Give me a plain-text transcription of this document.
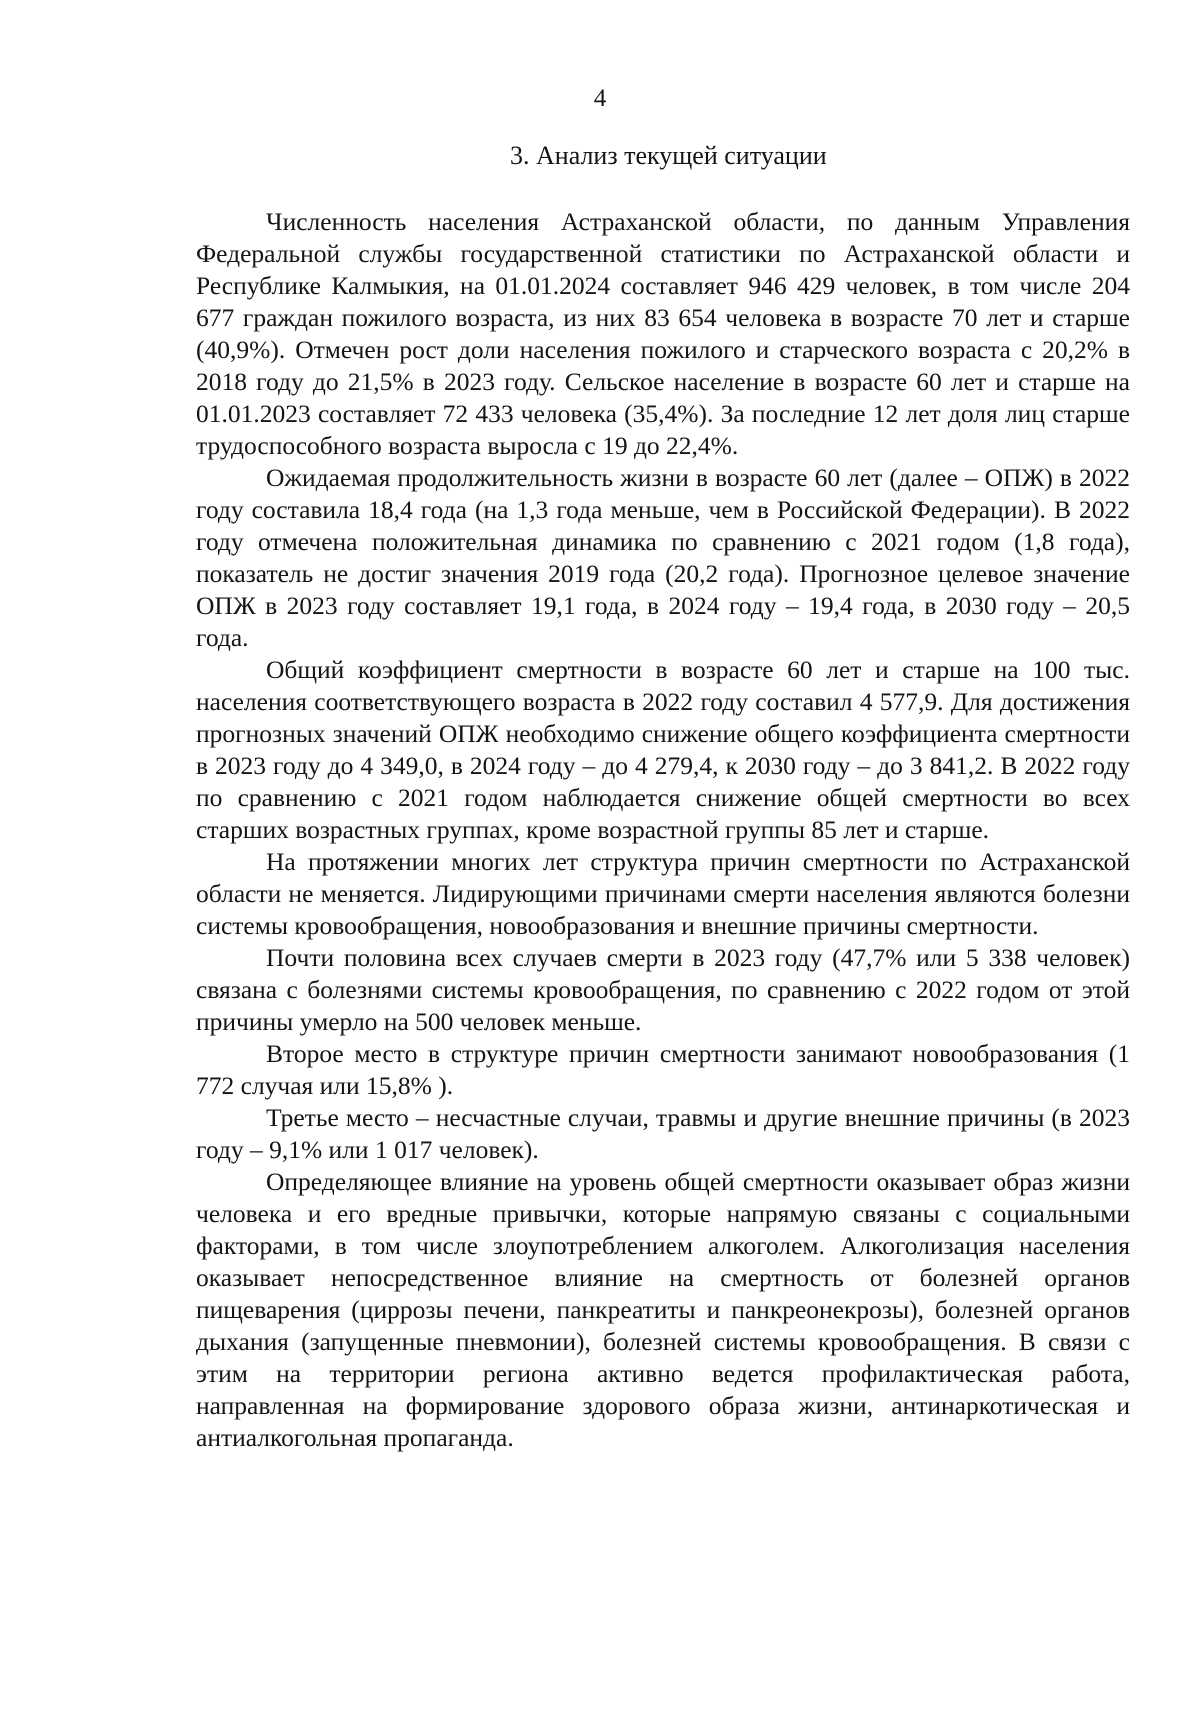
4
3. Анализ текущей ситуации

Численность населения Астраханской области, по данным Управления Федеральной службы государственной статистики по Астраханской области и Республике Калмыкия, на 01.01.2024 составляет 946 429 человек, в том числе 204 677 граждан пожилого возраста, из них 83 654 человека в возрасте 70 лет и старше (40,9%). Отмечен рост доли населения пожилого и старческого возраста с 20,2% в 2018 году до 21,5% в 2023 году. Сельское население в возрасте 60 лет и старше на 01.01.2023 составляет 72 433 человека (35,4%). За последние 12 лет доля лиц старше трудоспособного возраста выросла с 19 до 22,4%.

Ожидаемая продолжительность жизни в возрасте 60 лет (далее – ОПЖ) в 2022 году составила 18,4 года (на 1,3 года меньше, чем в Российской Федерации). В 2022 году отмечена положительная динамика по сравнению с 2021 годом (1,8 года), показатель не достиг значения 2019 года (20,2 года). Прогнозное целевое значение ОПЖ в 2023 году составляет 19,1 года, в 2024 году – 19,4 года, в 2030 году – 20,5 года.

Общий коэффициент смертности в возрасте 60 лет и старше на 100 тыс. населения соответствующего возраста в 2022 году составил 4 577,9. Для достижения прогнозных значений ОПЖ необходимо снижение общего коэффициента смертности в 2023 году до 4 349,0, в 2024 году – до 4 279,4, к 2030 году – до 3 841,2. В 2022 году по сравнению с 2021 годом наблюдается снижение общей смертности во всех старших возрастных группах, кроме возрастной группы 85 лет и старше.

На протяжении многих лет структура причин смертности по Астраханской области не меняется. Лидирующими причинами смерти населения являются болезни системы кровообращения, новообразования и внешние причины смертности.

Почти половина всех случаев смерти в 2023 году (47,7% или 5 338 человек) связана с болезнями системы кровообращения, по сравнению с 2022 годом от этой причины умерло на 500 человек меньше.

Второе место в структуре причин смертности занимают новообразования (1 772 случая или 15,8% ).

Третье место – несчастные случаи, травмы и другие внешние причины (в 2023 году – 9,1% или 1 017 человек).

Определяющее влияние на уровень общей смертности оказывает образ жизни человека и его вредные привычки, которые напрямую связаны с социальными факторами, в том числе злоупотреблением алкоголем. Алкоголизация населения оказывает непосредственное влияние на смертность от болезней органов пищеварения (циррозы печени, панкреатиты и панкреонекрозы), болезней органов дыхания (запущенные пневмонии), болезней системы кровообращения. В связи с этим на территории региона активно ведется профилактическая работа, направленная на формирование здорового образа жизни, антинаркотическая и антиалкогольная пропаганда.
